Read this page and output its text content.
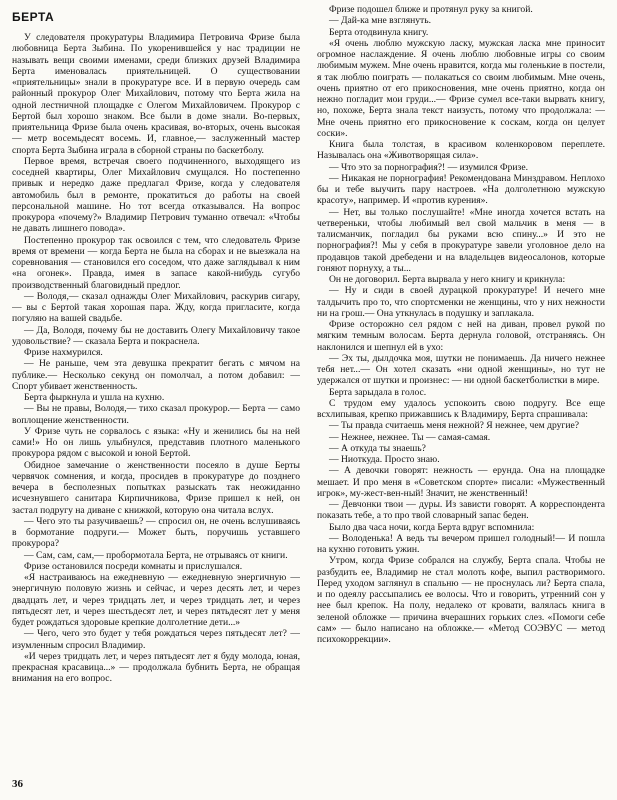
БЕРТА

У следователя прокуратуры Владимира Петровича Фризе была любовница Берта Зыбина. По укоренившейся у нас традиции не называть вещи своими именами, среди близких друзей Владимира Берта именовалась приятельницей. О существовании «приятельницы» знали в прокуратуре все. И в первую очередь сам районный прокурор Олег Михайлович, потому что Берта жила на одной лестничной площадке с Олегом Михайловичем. Прокурор с Бертой был хорошо знаком. Все были в доме знали. Во-первых, приятельница Фризе была очень красивая, во-вторых, очень высокая — метр восемьдесят восемь. И, главное,— заслуженный мастер спорта Берта Зыбина играла в сборной страны по баскетболу.

Первое время, встречая своего подчиненного, выходящего из соседней квартиры, Олег Михайлович смущался. Но постепенно привык и нередко даже предлагал Фризе, когда у следователя автомобиль был в ремонте, прокатиться до работы на своей персональной машине. Но тот всегда отказывался. На вопрос прокурора «почему?» Владимир Петрович туманно отвечал: «Чтобы не давать лишнего повода».

Постепенно прокурор так освоился с тем, что следователь Фризе время от времени — когда Берта не была на сборах и не выезжала на соревнования — становился его соседом, что даже заглядывал к ним «на огонек». Правда, имея в запасе какой-нибудь сугубо производственный благовидный предлог.

— Володя,— сказал однажды Олег Михайлович, раскурив сигару,— вы с Бертой такая хорошая пара. Жду, когда пригласите, когда погуляю на вашей свадьбе.

— Да, Володя, почему бы не доставить Олегу Михайловичу такое удовольствие? — сказала Берта и покраснела.

Фризе нахмурился.

— Не раньше, чем эта девушка прекратит бегать с мячом на публике.— Несколько секунд он помолчал, а потом добавил: — Спорт убивает женственность.

Берта фыркнула и ушла на кухню.

— Вы не правы, Володя,— тихо сказал прокурор.— Берта — само воплощение женственности.

У Фризе чуть не сорвалось с языка: «Ну и женились бы на ней сами!» Но он лишь улыбнулся, представив плотного маленького прокурора рядом с высокой и юной Бертой.

Обидное замечание о женственности посеяло в душе Берты червячок сомнения, и когда, просидев в прокуратуре до позднего вечера в бесполезных попытках разыскать так неожиданно исчезнувшего санитара Кирпичникова, Фризе пришел к ней, он застал подругу на диване с книжкой, которую она читала вслух.

— Чего это ты разучиваешь? — спросил он, не очень вслушиваясь в бормотание подруги.— Может быть, поручишь уставшего прокурора?

— Сам, сам, сам,— пробормотала Берта, не отрываясь от книги.

Фризе остановился посреди комнаты и прислушался.

«Я настраиваюсь на ежедневную — ежедневную энергичную — энергичную половую жизнь и сейчас, и через десять лет, и через двадцать лет, и через тридцать лет, и через тридцать лет, и через пятьдесят лет, и через шестьдесят лет, и через пятьдесят лет у меня будет рождаться здоровые крепкие долголетние дети...»

— Чего, чего это будет у тебя рождаться через пятьдесят лет? — изумленным спросил Владимир.

«И через тридцать лет, и через пятьдесят лет я буду молода, юная, прекрасная красавица...» — продолжала бубнить Берта, не обращая внимания на его вопрос.

Фризе подошел ближе и протянул руку за книгой.

— Дай-ка мне взглянуть.

Берта отодвинула книгу.

«Я очень люблю мужскую ласку, мужская ласка мне приносит огромное наслаждение. Я очень люблю любовные игры со своим любимым мужем. Мне очень нравится, когда мы голенькие в постели, я так люблю поиграть — полакаться со своим любимым. Мне очень, очень приятно от его прикосновения, мне очень приятно, когда он нежно погладит мои груди...— Фризе сумел все-таки вырвать книгу, но, похоже, Берта знала текст наизусть, потому что продолжала: — Мне очень приятно его прикосновение к соскам, когда он целует соски».

Книга была толстая, в красивом коленкоровом переплете. Называлась она «Животворящая сила».

— Что это за порнография?! — изумился Фризе.

— Никакая не порнография! Рекомендована Минздравом. Неплохо бы и тебе выучить пару настроев. «На долголетнюю мужскую красоту», например. И «против курения».

— Нет, вы только послушайте! «Мне иногда хочется встать на четвереньки, чтобы любимый вел свой мальчик в меня — в талисманчик, погладил бы руками всю спину...» И это не порнография?! Мы у себя в прокуратуре завели уголовное дело на продавцов такой дребедени и на владельцев видеосалонов, которые гоняют порнуху, а ты...

Он не договорил. Берта вырвала у него книгу и крикнула:

— Ну и сиди в своей дурацкой прокуратуре! И нечего мне талдычить про то, что спортсменки не женщины, что у них нежности ни на грош.— Она уткнулась в подушку и заплакала.

Фризе осторожно сел рядом с ней на диван, провел рукой по мягким темным волосам. Берта дернула головой, отстраняясь. Он наклонился и шепнул ей в ухо:

— Эх ты, дылдочка моя, шутки не понимаешь. Да ничего нежнее тебя нет...— Он хотел сказать «ни одной женщины», но тут не удержался от шутки и произнес: — ни одной баскетболистки в мире.

Берта зарыдала в голос.

С трудом ему удалось успокоить свою подругу. Все еще всхлипывая, крепко прижавшись к Владимиру, Берта спрашивала:

— Ты правда считаешь меня нежной? Я нежнее, чем другие?

— Нежнее, нежнее. Ты — самая-самая.

— А откуда ты знаешь?

— Ниоткуда. Просто знаю.

— А девочки говорят: нежность — ерунда. Она на площадке мешает. И про меня в «Советском спорте» писали: «Мужественный игрок», му-жест-вен-ный! Значит, не женственный!

— Девчонки твои — дуры. Из зависти говорят. А корреспондента показать тебе, а то про твой словарный запас беден.

Было два часа ночи, когда Берта вдруг вспомнила:

— Володенька! А ведь ты вечером пришел голодный!— И пошла на кухню готовить ужин.

Утром, когда Фризе собрался на службу, Берта спала. Чтобы не разбудить ее, Владимир не стал молоть кофе, выпил растворимого. Перед уходом заглянул в спальню — не проснулась ли? Берта спала, и по одеялу рассыпались ее волосы. Что и говорить, утренний сон у нее был крепок. На полу, недалеко от кровати, валялась книга в зеленой обложке — причина вчерашних горьких слез. «Помоги себе сам» — было написано на обложке.— «Метод СОЭВУС — метод психокоррекции».

36
